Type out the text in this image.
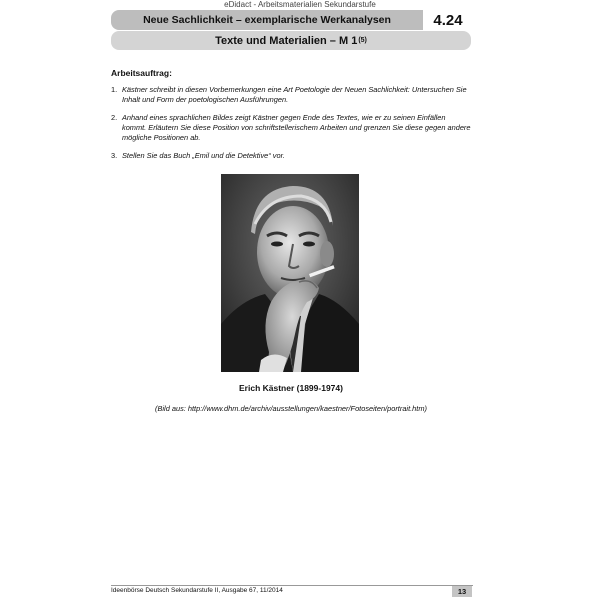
eDidact - Arbeitsmaterialien Sekundarstufe
Neue Sachlichkeit – exemplarische Werkanalysen	4.24
Texte und Materialien – M 1 (5)
Arbeitsauftrag:
1. Kästner schreibt in diesen Vorbemerkungen eine Art Poetologie der Neuen Sachlichkeit: Untersuchen Sie Inhalt und Form der poetologischen Ausführungen.
2. Anhand eines sprachlichen Bildes zeigt Kästner gegen Ende des Textes, wie er zu seinen Einfällen kommt. Erläutern Sie diese Position von schriftstellerischem Arbeiten und grenzen Sie diese gegen andere mögliche Positionen ab.
3. Stellen Sie das Buch „Emil und die Detektive“ vor.
Erich Kästner (1899-1974)
(Bild aus: http://www.dhm.de/archiv/ausstellungen/kaestner/Fotoseiten/portrait.htm)
Ideenbörse Deutsch Sekundarstufe II, Ausgabe 67, 11/2014	13
